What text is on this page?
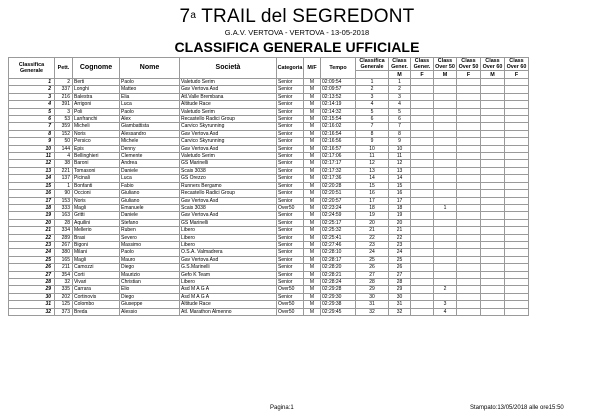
7$^a$ TRAIL del SEGREDONT
G.A.V. VERTOVA - VERTOVA - 13-05-2018
CLASSIFICA GENERALE UFFICIALE
Classifica Generale	Pett.	Cognome	Nome	Società	Categoria	M/F	Tempo	Classifica Generale	Class Gener.	Class Gener.	Class Over 50	Class Over 50	Class Over 60	Class Over 60
									M	F	M	F	M	F
1	2	Berti	Paolo	Valetudo Serim	Senior	M	02:09:54	1	1					
2	337	Longhi	Matteo	Gav Vertova Asd	Senior	M	02:09:57	2	2					
3	216	Balestra	Elia	Atl.Valle Brembana	Senior	M	02:13:52	3	3					
4	391	Arrigoni	Luca	Altitude Race	Senior	M	02:14:19	4	4					
5	3	Poli	Paolo	Valetudo Serim	Senior	M	02:14:32	5	5					
6	53	Lanfranchi	Alex	Recastello Radici Group	Senior	M	02:15:54	6	6					
7	359	Micheli	Giambattista	Carvico Skyrunning	Senior	M	02:16:02	7	7					
8	152	Noris	Alessandro	Gav Vertova Asd	Senior	M	02:16:54	8	8					
9	50	Persico	Michele	Carvico Skyrunning	Senior	M	02:16:56	9	9					
10	144	Epis	Denny	Gav Vertova Asd	Senior	M	02:16:57	10	10					
11	4	Bellinghieri	Clemente	Valetudo Serim	Senior	M	02:17:06	11	11					
12	38	Baroni	Andrea	GS Marinelli	Senior	M	02:17:17	12	12					
13	221	Tomasoni	Daniele	Scais 3038	Senior	M	02:17:32	13	13					
14	137	Picinali	Luca	GS Orezzo	Senior	M	02:17:36	14	14					
15	1	Bonfanti	Fabio	Runners Bergamo	Senior	M	02:20:28	15	15					
16	90	Occioni	Giuliano	Recastello Radici Group	Senior	M	02:20:51	16	16					
17	153	Noris	Giuliano	Gav Vertova Asd	Senior	M	02:20:57	17	17					
18	333	Magli	Emanuele	Scais 3038	Over50	M	02:23:24	18	18		1			
19	163	Gritti	Daniele	Gav Vertova Asd	Senior	M	02:24:59	19	19					
20	28	Aquilini	Stefano	GS Marinelli	Senior	M	02:25:17	20	20					
21	334	Mellerio	Ruben	Libero	Senior	M	02:25:32	21	21					
22	289	Brasi	Severo	Libero	Senior	M	02:25:41	22	22					
23	267	Bigoni	Massimo	Libero	Senior	M	02:27:46	23	23					
24	380	Milani	Paolo	O.S.A. Valmadrera	Senior	M	02:28:10	24	24					
25	165	Magli	Mauro	Gav Vertova Asd	Senior	M	02:28:17	25	25					
26	211	Camozzi	Diego	G.S.Marinelli	Senior	M	02:28:20	26	26					
27	354	Corti	Maurizio	Gefo K Team	Senior	M	02:28:21	27	27					
28	32	Vivari	Christian	Libero	Senior	M	02:28:24	28	28					
29	335	Carrara	Elio	Asd M A G A	Over50	M	02:29:28	29	29		2			
30	202	Cortinovis	Diego	Asd M A G A	Senior	M	02:29:30	30	30					
31	125	Colombo	Giuseppe	Altitude Race	Over50	M	02:29:38	31	31		3			
32	373	Breda	Alessio	Atl. Marathon Almenno	Over50	M	02:29:45	32	32		4			
Pagina:1	Stampato:13/05/2018 alle ore15:50
